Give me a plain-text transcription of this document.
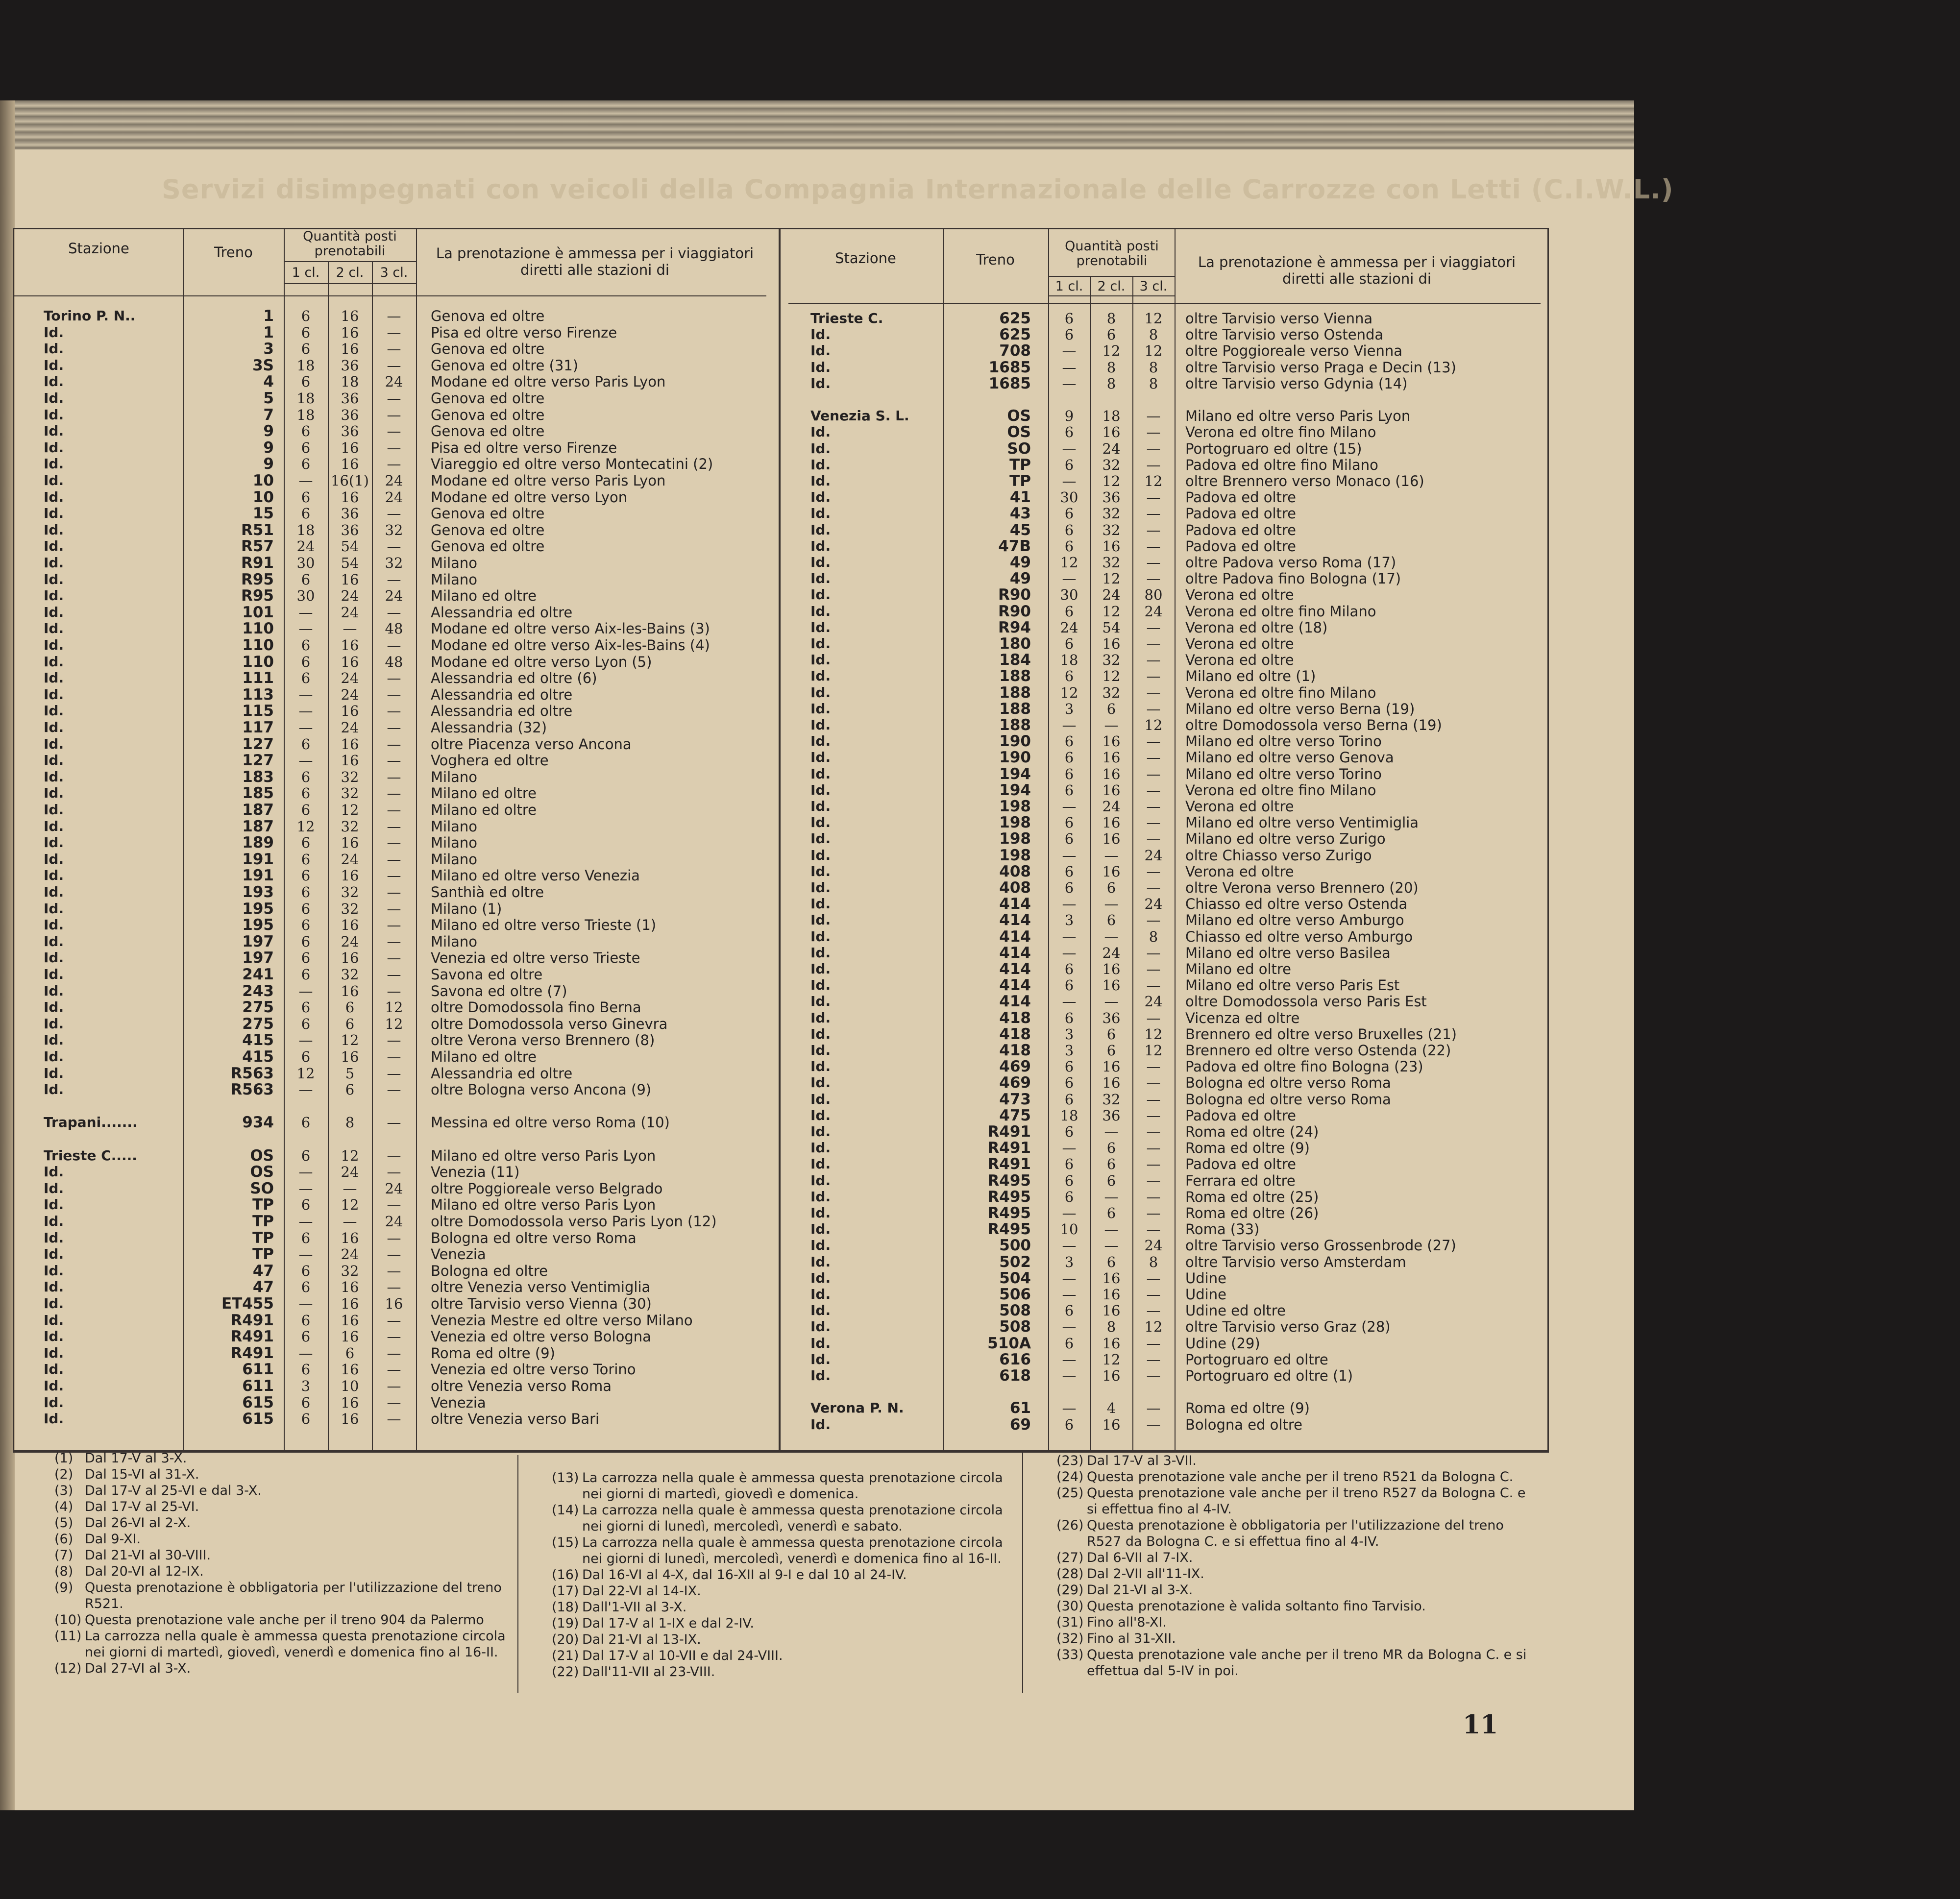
Servizi disimpegnati con veicoli della Compagnia Internazionale delle Carrozze con Letti (C.I.W.L.)
Stazione	Treno
Quantità posti prenotabili
1 cl.	2 cl.	3 cl.
La prenotazione è ammessa per i viaggiatori diretti alle stazioni di
Stazione	Treno
Quantità posti prenotabili
1 cl.	2 cl.	3 cl.
La prenotazione è ammessa per i viaggiatori diretti alle stazioni di
Torino P. N..	1	6	16	—	Genova ed oltre
Id.	1	6	16	—	Pisa ed oltre verso Firenze
Id.	3	6	16	—	Genova ed oltre
Id.	3S	18	36	—	Genova ed oltre (31)
Id.	4	6	18	24	Modane ed oltre verso Paris Lyon
Id.	5	18	36	—	Genova ed oltre
Id.	7	18	36	—	Genova ed oltre
Id.	9	6	36	—	Genova ed oltre
Id.	9	6	16	—	Pisa ed oltre verso Firenze
Id.	9	6	16	—	Viareggio ed oltre verso Montecatini (2)
Id.	10	—	16(1)	24	Modane ed oltre verso Paris Lyon
Id.	10	6	16	24	Modane ed oltre verso Lyon
Id.	15	6	36	—	Genova ed oltre
Id.	R51	18	36	32	Genova ed oltre
Id.	R57	24	54	—	Genova ed oltre
Id.	R91	30	54	32	Milano
Id.	R95	6	16	—	Milano
Id.	R95	30	24	24	Milano ed oltre
Id.	101	—	24	—	Alessandria ed oltre
Id.	110	—	—	48	Modane ed oltre verso Aix-les-Bains (3)
Id.	110	6	16	—	Modane ed oltre verso Aix-les-Bains (4)
Id.	110	6	16	48	Modane ed oltre verso Lyon (5)
Id.	111	6	24	—	Alessandria ed oltre (6)
Id.	113	—	24	—	Alessandria ed oltre
Id.	115	—	16	—	Alessandria ed oltre
Id.	117	—	24	—	Alessandria (32)
Id.	127	6	16	—	oltre Piacenza verso Ancona
Id.	127	—	16	—	Voghera ed oltre
Id.	183	6	32	—	Milano
Id.	185	6	32	—	Milano ed oltre
Id.	187	6	12	—	Milano ed oltre
Id.	187	12	32	—	Milano
Id.	189	6	16	—	Milano
Id.	191	6	24	—	Milano
Id.	191	6	16	—	Milano ed oltre verso Venezia
Id.	193	6	32	—	Santhià ed oltre
Id.	195	6	32	—	Milano (1)
Id.	195	6	16	—	Milano ed oltre verso Trieste (1)
Id.	197	6	24	—	Milano
Id.	197	6	16	—	Venezia ed oltre verso Trieste
Id.	241	6	32	—	Savona ed oltre
Id.	243	—	16	—	Savona ed oltre (7)
Id.	275	6	6	12	oltre Domodossola fino Berna
Id.	275	6	6	12	oltre Domodossola verso Ginevra
Id.	415	—	12	—	oltre Verona verso Brennero (8)
Id.	415	6	16	—	Milano ed oltre
Id.	R563	12	5	—	Alessandria ed oltre
Id.	R563	—	6	—	oltre Bologna verso Ancona (9)
Trapani.......	934	6	8	—	Messina ed oltre verso Roma (10)
Trieste C.....	OS	6	12	—	Milano ed oltre verso Paris Lyon
Id.	OS	—	24	—	Venezia (11)
Id.	SO	—	—	24	oltre Poggioreale verso Belgrado
Id.	TP	6	12	—	Milano ed oltre verso Paris Lyon
Id.	TP	—	—	24	oltre Domodossola verso Paris Lyon (12)
Id.	TP	6	16	—	Bologna ed oltre verso Roma
Id.	TP	—	24	—	Venezia
Id.	47	6	32	—	Bologna ed oltre
Id.	47	6	16	—	oltre Venezia verso Ventimiglia
Id.	ET455	—	16	16	oltre Tarvisio verso Vienna (30)
Id.	R491	6	16	—	Venezia Mestre ed oltre verso Milano
Id.	R491	6	16	—	Venezia ed oltre verso Bologna
Id.	R491	—	6	—	Roma ed oltre (9)
Id.	611	6	16	—	Venezia ed oltre verso Torino
Id.	611	3	10	—	oltre Venezia verso Roma
Id.	615	6	16	—	Venezia
Id.	615	6	16	—	oltre Venezia verso Bari
Trieste C.	625	6	8	12	oltre Tarvisio verso Vienna
Id.	625	6	6	8	oltre Tarvisio verso Ostenda
Id.	708	—	12	12	oltre Poggioreale verso Vienna
Id.	1685	—	8	8	oltre Tarvisio verso Praga e Decin (13)
Id.	1685	—	8	8	oltre Tarvisio verso Gdynia (14)
Venezia S. L.	OS	9	18	—	Milano ed oltre verso Paris Lyon
Id.	OS	6	16	—	Verona ed oltre fino Milano
Id.	SO	—	24	—	Portogruaro ed oltre (15)
Id.	TP	6	32	—	Padova ed oltre fino Milano
Id.	TP	—	12	12	oltre Brennero verso Monaco (16)
Id.	41	30	36	—	Padova ed oltre
Id.	43	6	32	—	Padova ed oltre
Id.	45	6	32	—	Padova ed oltre
Id.	47B	6	16	—	Padova ed oltre
Id.	49	12	32	—	oltre Padova verso Roma (17)
Id.	49	—	12	—	oltre Padova fino Bologna (17)
Id.	R90	30	24	80	Verona ed oltre
Id.	R90	6	12	24	Verona ed oltre fino Milano
Id.	R94	24	54	—	Verona ed oltre (18)
Id.	180	6	16	—	Verona ed oltre
Id.	184	18	32	—	Verona ed oltre
Id.	188	6	12	—	Milano ed oltre (1)
Id.	188	12	32	—	Verona ed oltre fino Milano
Id.	188	3	6	—	Milano ed oltre verso Berna (19)
Id.	188	—	—	12	oltre Domodossola verso Berna (19)
Id.	190	6	16	—	Milano ed oltre verso Torino
Id.	190	6	16	—	Milano ed oltre verso Genova
Id.	194	6	16	—	Milano ed oltre verso Torino
Id.	194	6	16	—	Verona ed oltre fino Milano
Id.	198	—	24	—	Verona ed oltre
Id.	198	6	16	—	Milano ed oltre verso Ventimiglia
Id.	198	6	16	—	Milano ed oltre verso Zurigo
Id.	198	—	—	24	oltre Chiasso verso Zurigo
Id.	408	6	16	—	Verona ed oltre
Id.	408	6	6	—	oltre Verona verso Brennero (20)
Id.	414	—	—	24	Chiasso ed oltre verso Ostenda
Id.	414	3	6	—	Milano ed oltre verso Amburgo
Id.	414	—	—	8	Chiasso ed oltre verso Amburgo
Id.	414	—	24	—	Milano ed oltre verso Basilea
Id.	414	6	16	—	Milano ed oltre
Id.	414	6	16	—	Milano ed oltre verso Paris Est
Id.	414	—	—	24	oltre Domodossola verso Paris Est
Id.	418	6	36	—	Vicenza ed oltre
Id.	418	3	6	12	Brennero ed oltre verso Bruxelles (21)
Id.	418	3	6	12	Brennero ed oltre verso Ostenda (22)
Id.	469	6	16	—	Padova ed oltre fino Bologna (23)
Id.	469	6	16	—	Bologna ed oltre verso Roma
Id.	473	6	32	—	Bologna ed oltre verso Roma
Id.	475	18	36	—	Padova ed oltre
Id.	R491	6	—	—	Roma ed oltre (24)
Id.	R491	—	6	—	Roma ed oltre (9)
Id.	R491	6	6	—	Padova ed oltre
Id.	R495	6	6	—	Ferrara ed oltre
Id.	R495	6	—	—	Roma ed oltre (25)
Id.	R495	—	6	—	Roma ed oltre (26)
Id.	R495	10	—	—	Roma (33)
Id.	500	—	—	24	oltre Tarvisio verso Grossenbrode (27)
Id.	502	3	6	8	oltre Tarvisio verso Amsterdam
Id.	504	—	16	—	Udine
Id.	506	—	16	—	Udine
Id.	508	6	16	—	Udine ed oltre
Id.	508	—	8	12	oltre Tarvisio verso Graz (28)
Id.	510A	6	16	—	Udine (29)
Id.	616	—	12	—	Portogruaro ed oltre
Id.	618	—	16	—	Portogruaro ed oltre (1)
Verona P. N.	61	—	4	—	Roma ed oltre (9)
Id.	69	6	16	—	Bologna ed oltre
(1) Dal 17-V al 3-X.
(2) Dal 15-VI al 31-X.
(3) Dal 17-V al 25-VI e dal 3-X.
(4) Dal 17-V al 25-VI.
(5) Dal 26-VI al 2-X.
(6) Dal 9-XI.
(7) Dal 21-VI al 30-VIII.
(8) Dal 20-VI al 12-IX.
(9) Questa prenotazione è obbligatoria per l'utilizzazione del treno R521.
(10) Questa prenotazione vale anche per il treno 904 da Palermo
(11) La carrozza nella quale è ammessa questa prenotazione circola nei giorni di martedì, giovedì, venerdì e domenica fino al 16-II.
(12) Dal 27-VI al 3-X.
(13) La carrozza nella quale è ammessa questa prenotazione circola nei giorni di martedì, giovedì e domenica.
(14) La carrozza nella quale è ammessa questa prenotazione circola nei giorni di lunedì, mercoledì, venerdì e sabato.
(15) La carrozza nella quale è ammessa questa prenotazione circola nei giorni di lunedì, mercoledì, venerdì e domenica fino al 16-II.
(16) Dal 16-VI al 4-X, dal 16-XII al 9-I e dal 10 al 24-IV.
(17) Dal 22-VI al 14-IX.
(18) Dall'1-VII al 3-X.
(19) Dal 17-V al 1-IX e dal 2-IV.
(20) Dal 21-VI al 13-IX.
(21) Dal 17-V al 10-VII e dal 24-VIII.
(22) Dall'11-VII al 23-VIII.
(23) Dal 17-V al 3-VII.
(24) Questa prenotazione vale anche per il treno R521 da Bologna C.
(25) Questa prenotazione vale anche per il treno R527 da Bologna C. e si effettua fino al 4-IV.
(26) Questa prenotazione è obbligatoria per l'utilizzazione del treno R527 da Bologna C. e si effettua fino al 4-IV.
(27) Dal 6-VII al 7-IX.
(28) Dal 2-VII all'11-IX.
(29) Dal 21-VI al 3-X.
(30) Questa prenotazione è valida soltanto fino Tarvisio.
(31) Fino all'8-XI.
(32) Fino al 31-XII.
(33) Questa prenotazione vale anche per il treno MR da Bologna C. e si effettua dal 5-IV in poi.
11
